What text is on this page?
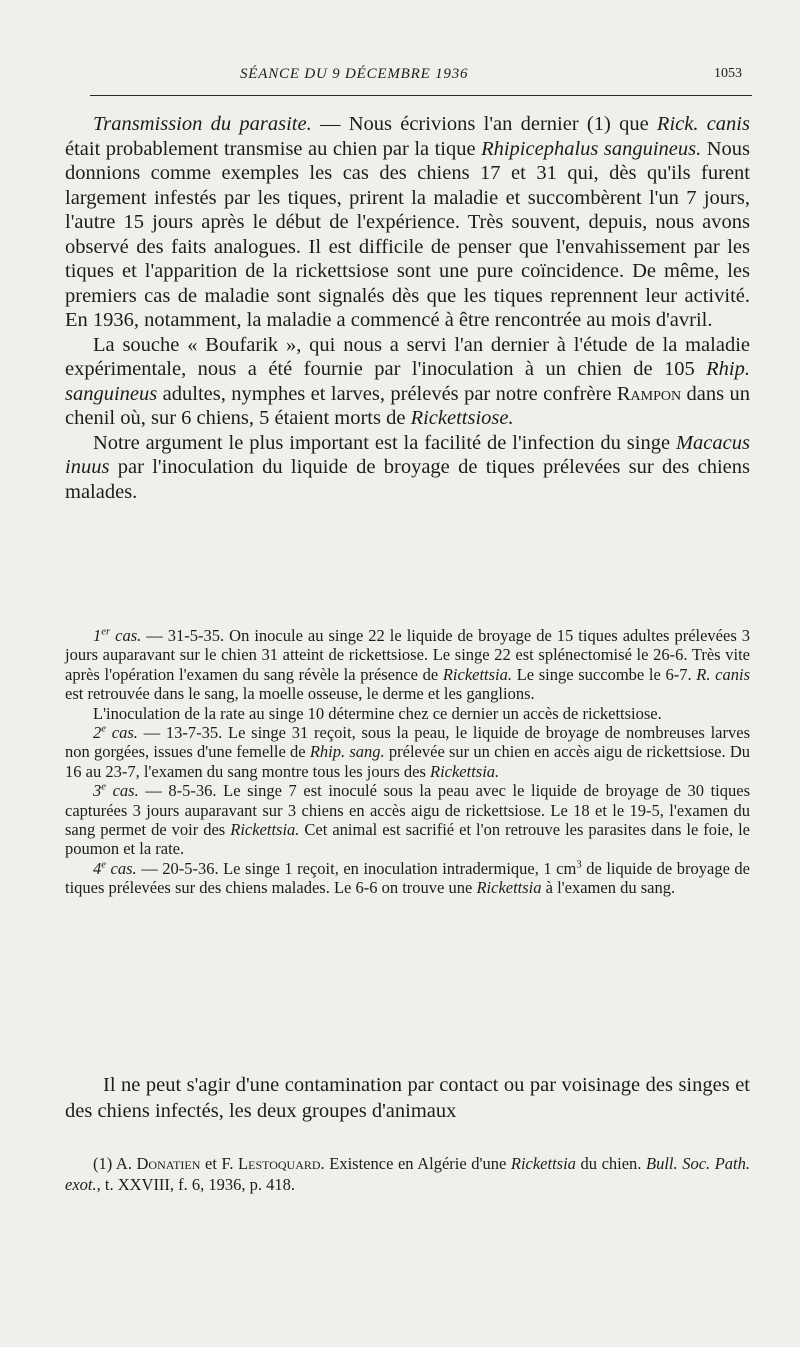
SÉANCE DU 9 DÉCEMBRE 1936	1053

Transmission du parasite. — Nous écrivions l'an dernier (1) que Rick. canis était probablement transmise au chien par la tique Rhipicephalus sanguineus. Nous donnions comme exemples les cas des chiens 17 et 31 qui, dès qu'ils furent largement infestés par les tiques, prirent la maladie et succombèrent l'un 7 jours, l'autre 15 jours après le début de l'expérience. Très souvent, depuis, nous avons observé des faits analogues. Il est difficile de penser que l'envahissement par les tiques et l'apparition de la rickettsiose sont une pure coïncidence. De même, les premiers cas de maladie sont signalés dès que les tiques reprennent leur activité. En 1936, notamment, la maladie a commencé à être rencontrée au mois d'avril.

La souche « Boufarik », qui nous a servi l'an dernier à l'étude de la maladie expérimentale, nous a été fournie par l'inoculation à un chien de 105 Rhip. sanguineus adultes, nymphes et larves, prélevés par notre confrère Rampon dans un chenil où, sur 6 chiens, 5 étaient morts de Rickettsiose.

Notre argument le plus important est la facilité de l'infection du singe Macacus inuus par l'inoculation du liquide de broyage de tiques prélevées sur des chiens malades.

1er cas. — 31-5-35. On inocule au singe 22 le liquide de broyage de 15 tiques adultes prélevées 3 jours auparavant sur le chien 31 atteint de rickettsiose. Le singe 22 est splénectomisé le 26-6. Très vite après l'opération l'examen du sang révèle la présence de Rickettsia. Le singe succombe le 6-7. R. canis est retrouvée dans le sang, la moelle osseuse, le derme et les ganglions.

L'inoculation de la rate au singe 10 détermine chez ce dernier un accès de rickettsiose.

2e cas. — 13-7-35. Le singe 31 reçoit, sous la peau, le liquide de broyage de nombreuses larves non gorgées, issues d'une femelle de Rhip. sang. prélevée sur un chien en accès aigu de rickettsiose. Du 16 au 23-7, l'examen du sang montre tous les jours des Rickettsia.

3e cas. — 8-5-36. Le singe 7 est inoculé sous la peau avec le liquide de broyage de 30 tiques capturées 3 jours auparavant sur 3 chiens en accès aigu de rickettsiose. Le 18 et le 19-5, l'examen du sang permet de voir des Rickettsia. Cet animal est sacrifié et l'on retrouve les parasites dans le foie, le poumon et la rate.

4e cas. — 20-5-36. Le singe 1 reçoit, en inoculation intradermique, 1 $cm^3$ de liquide de broyage de tiques prélevées sur des chiens malades. Le 6-6 on trouve une Rickettsia à l'examen du sang.

Il ne peut s'agir d'une contamination par contact ou par voisinage des singes et des chiens infectés, les deux groupes d'animaux

(1) A. Donatien et F. Lestoquard. Existence en Algérie d'une Rickettsia du chien. Bull. Soc. Path. exot., t. XXVIII, f. 6, 1936, p. 418.
